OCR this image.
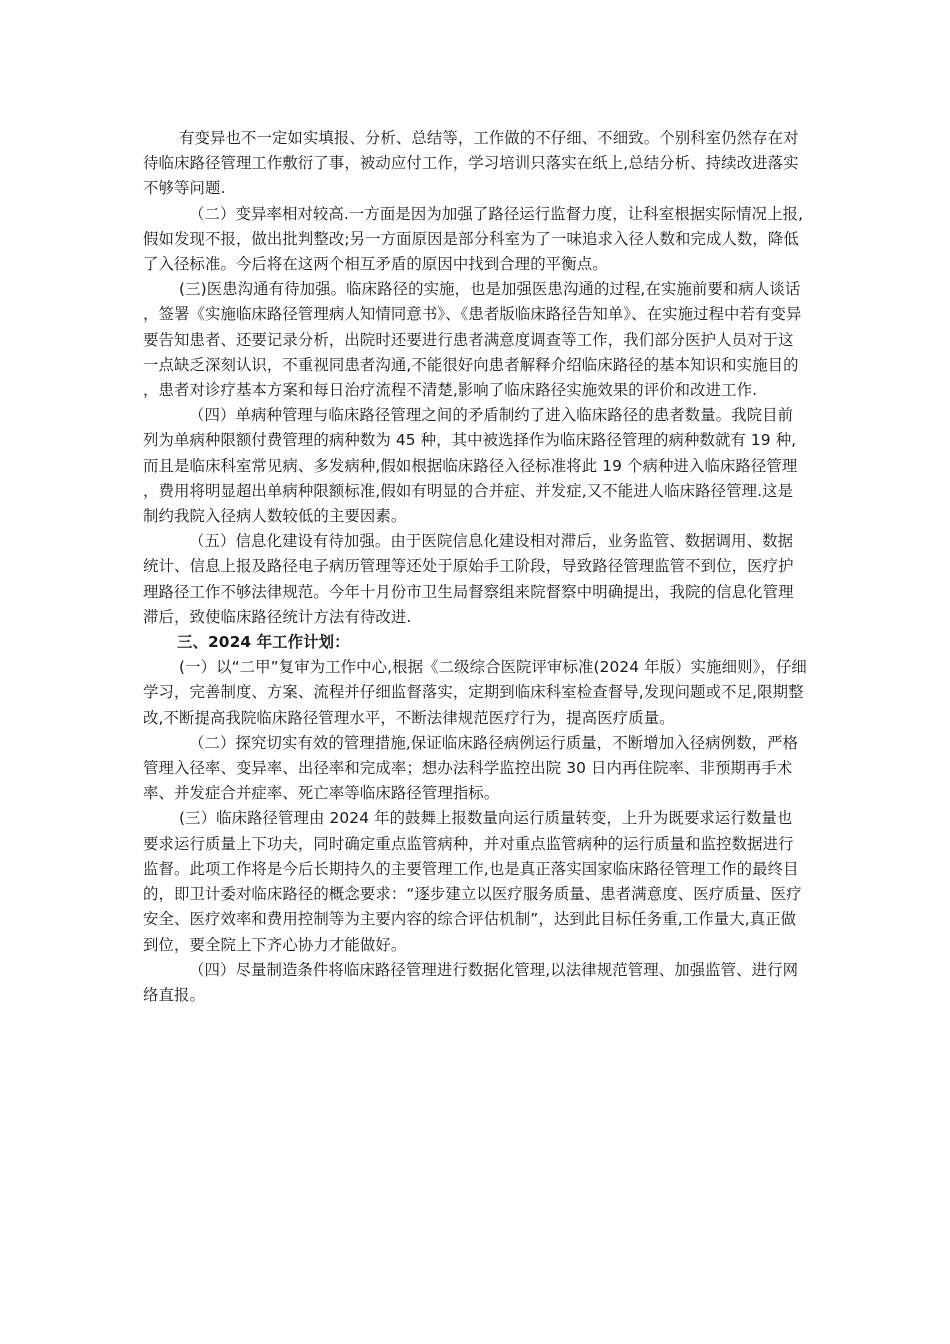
有变异也不一定如实填报、分析、总结等，工作做的不仔细、不细致。个别科室仍然存在对待临床路径管理工作敷衍了事，被动应付工作，学习培训只落实在纸上,总结分析、持续改进落实不够等问题.

（二）变异率相对较高.一方面是因为加强了路径运行监督力度，让科室根据实际情况上报,假如发现不报，做出批判整改;另一方面原因是部分科室为了一味追求入径人数和完成人数，降低了入径标准。今后将在这两个相互矛盾的原因中找到合理的平衡点。

(三)医患沟通有待加强。临床路径的实施，也是加强医患沟通的过程,在实施前要和病人谈话，签署《实施临床路径管理病人知情同意书》、《患者版临床路径告知单》、在实施过程中若有变异要告知患者、还要记录分析，出院时还要进行患者满意度调查等工作，我们部分医护人员对于这一点缺乏深刻认识，不重视同患者沟通,不能很好向患者解释介绍临床路径的基本知识和实施目的，患者对诊疗基本方案和每日治疗流程不清楚,影响了临床路径实施效果的评价和改进工作.

（四）单病种管理与临床路径管理之间的矛盾制约了进入临床路径的患者数量。我院目前列为单病种限额付费管理的病种数为 45 种，其中被选择作为临床路径管理的病种数就有 19 种,而且是临床科室常见病、多发病种,假如根据临床路径入径标准将此 19 个病种进入临床路径管理，费用将明显超出单病种限额标准,假如有明显的合并症、并发症,又不能进人临床路径管理.这是制约我院入径病人数较低的主要因素。

（五）信息化建设有待加强。由于医院信息化建设相对滞后，业务监管、数据调用、数据统计、信息上报及路径电子病历管理等还处于原始手工阶段，导致路径管理监管不到位，医疗护理路径工作不够法律规范。今年十月份市卫生局督察组来院督察中明确提出，我院的信息化管理滞后，致使临床路径统计方法有待改进.

三、2024 年工作计划：

(一）以“二甲”复审为工作中心,根据《二级综合医院评审标准(2024 年版）实施细则》，仔细学习，完善制度、方案、流程并仔细监督落实，定期到临床科室检查督导,发现问题或不足,限期整改,不断提高我院临床路径管理水平，不断法律规范医疗行为，提高医疗质量。

（二）探究切实有效的管理措施,保证临床路径病例运行质量，不断增加入径病例数，严格管理入径率、变异率、出径率和完成率；想办法科学监控出院 30 日内再住院率、非预期再手术率、并发症合并症率、死亡率等临床路径管理指标。

(三）临床路径管理由 2024 年的鼓舞上报数量向运行质量转变，上升为既要求运行数量也要求运行质量上下功夫，同时确定重点监管病种，并对重点监管病种的运行质量和监控数据进行监督。此项工作将是今后长期持久的主要管理工作,也是真正落实国家临床路径管理工作的最终目的，即卫计委对临床路径的概念要求：“逐步建立以医疗服务质量、患者满意度、医疗质量、医疗安全、医疗效率和费用控制等为主要内容的综合评估机制”，达到此目标任务重,工作量大,真正做到位，要全院上下齐心协力才能做好。

（四）尽量制造条件将临床路径管理进行数据化管理,以法律规范管理、加强监管、进行网络直报。
